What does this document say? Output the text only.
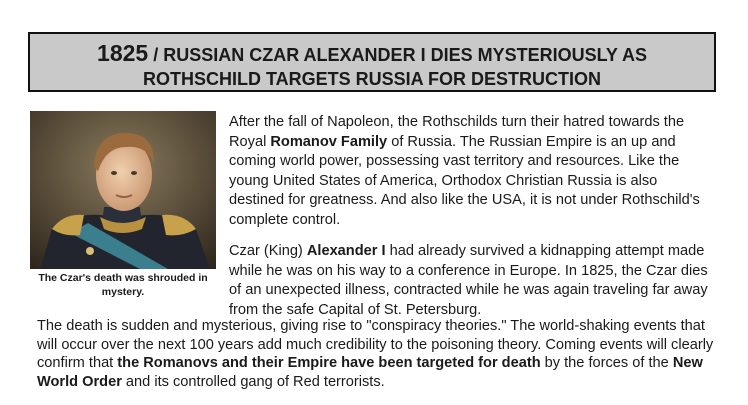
1825 / RUSSIAN CZAR ALEXANDER I DIES MYSTERIOUSLY AS
ROTHSCHILD TARGETS RUSSIA FOR DESTRUCTION
The Czar's death was shrouded in
mystery.

After the fall of Napoleon, the Rothschilds turn their hatred towards the Royal Romanov Family of Russia. The Russian Empire is an up and coming world power, possessing vast territory and resources. Like the young United States of America, Orthodox Christian Russia is also destined for greatness. And also like the USA, it is not under Rothschild's complete control.

Czar (King) Alexander I had already survived a kidnapping attempt made while he was on his way to a conference in Europe. In 1825, the Czar dies of an unexpected illness, contracted while he was again traveling far away from the safe Capital of St. Petersburg.

The death is sudden and mysterious, giving rise to "conspiracy theories." The world-shaking events that will occur over the next 100 years add much credibility to the poisoning theory. Coming events will clearly confirm that the Romanovs and their Empire have been targeted for death by the forces of the New World Order and its controlled gang of Red terrorists.
